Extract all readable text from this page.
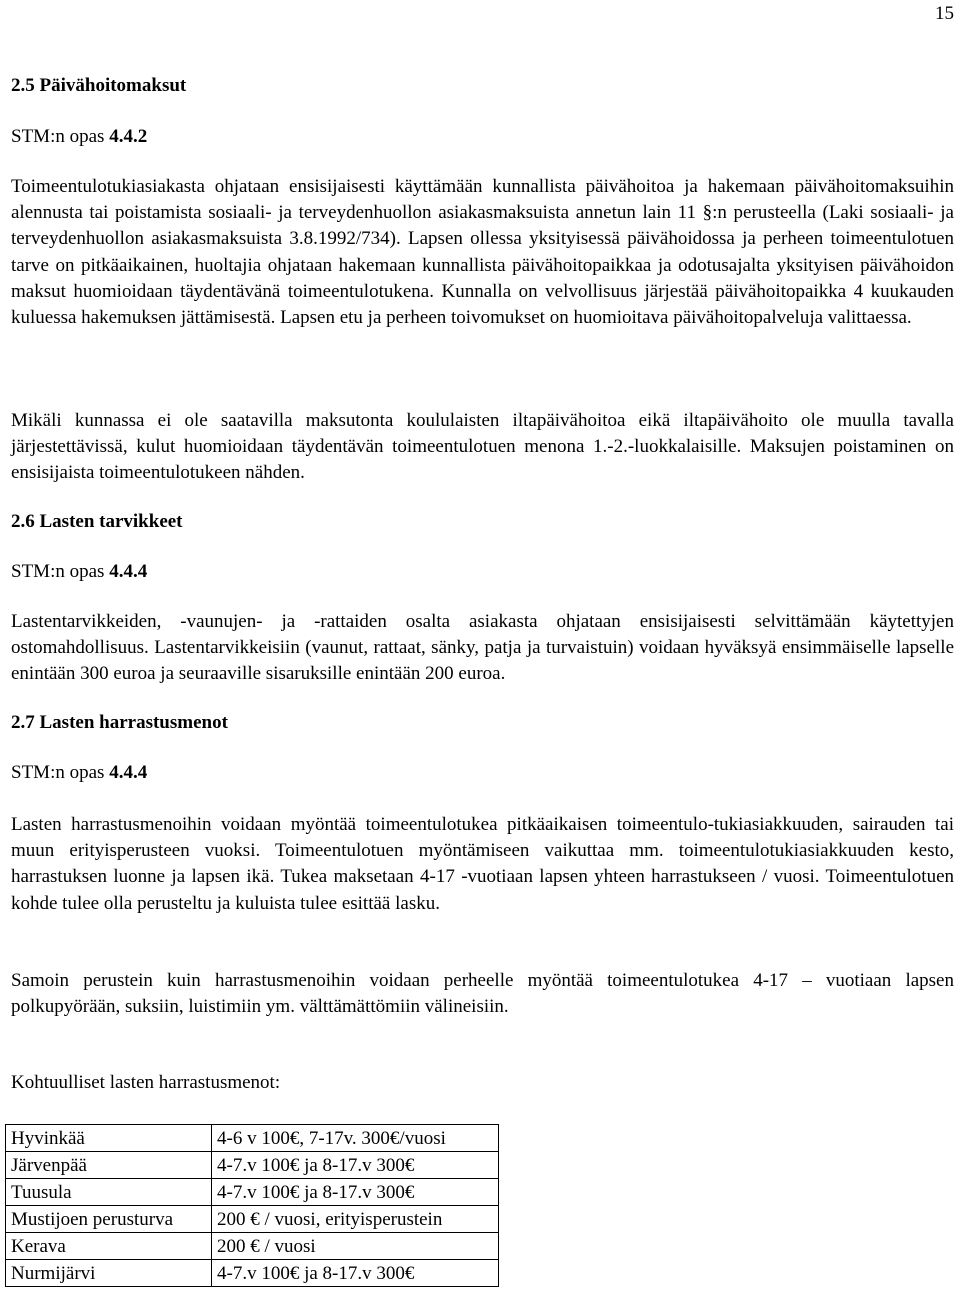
15
2.5 Päivähoitomaksut
STM:n opas 4.4.2

Toimeentulotukiasiakasta ohjataan ensisijaisesti käyttämään kunnallista päivähoitoa ja hakemaan päivähoitomaksuihin alennusta tai poistamista sosiaali- ja terveydenhuollon asiakasmaksuista annetun lain 11 §:n perusteella (Laki sosiaali- ja terveydenhuollon asiakasmaksuista 3.8.1992/734). Lapsen ollessa yksityisessä päivähoidossa ja perheen toimeentulotuen tarve on pitkäaikainen, huoltajia ohjataan hakemaan kunnallista päivähoitopaikkaa ja odotusajalta yksityisen päivähoidon maksut huomioidaan täydentävänä toimeentulotukena. Kunnalla on velvollisuus järjestää päivähoitopaikka 4 kuukauden kuluessa hakemuksen jättämisestä. Lapsen etu ja perheen toivomukset on huomioitava päivähoitopalveluja valittaessa.

Mikäli kunnassa ei ole saatavilla maksutonta koululaisten iltapäivähoitoa eikä iltapäivähoito ole muulla tavalla järjestettävissä, kulut huomioidaan täydentävän toimeentulotuen menona 1.-2.-luokkalaisille. Maksujen poistaminen on ensisijaista toimeentulotukeen nähden.

2.6 Lasten tarvikkeet
STM:n opas 4.4.4

Lastentarvikkeiden, -vaunujen- ja -rattaiden osalta asiakasta ohjataan ensisijaisesti selvittämään käytettyjen ostomahdollisuus. Lastentarvikkeisiin (vaunut, rattaat, sänky, patja ja turvaistuin) voidaan hyväksyä ensimmäiselle lapselle enintään 300 euroa ja seuraaville sisaruksille enintään 200 euroa.

2.7 Lasten harrastusmenot
STM:n opas 4.4.4

Lasten harrastusmenoihin voidaan myöntää toimeentulotukea pitkäaikaisen toimeentulo-tukiasiakkuuden, sairauden tai muun erityisperusteen vuoksi. Toimeentulotuen myöntämiseen vaikuttaa mm. toimeentulotukiasiakkuuden kesto, harrastuksen luonne ja lapsen ikä. Tukea maksetaan 4-17 -vuotiaan lapsen yhteen harrastukseen / vuosi. Toimeentulotuen kohde tulee olla perusteltu ja kuluista tulee esittää lasku.

Samoin perustein kuin harrastusmenoihin voidaan perheelle myöntää toimeentulotukea 4-17 – vuotiaan lapsen polkupyörään, suksiin, luistimiin ym. välttämättömiin välineisiin.

Kohtuulliset lasten harrastusmenot:
Hyvinkää	4-6 v 100€, 7-17v. 300€/vuosi
Järvenpää	4-7.v 100€ ja 8-17.v 300€
Tuusula	4-7.v 100€ ja 8-17.v 300€
Mustijoen perusturva	200 € / vuosi, erityisperustein
Kerava	200 € / vuosi
Nurmijärvi	4-7.v 100€ ja 8-17.v 300€
